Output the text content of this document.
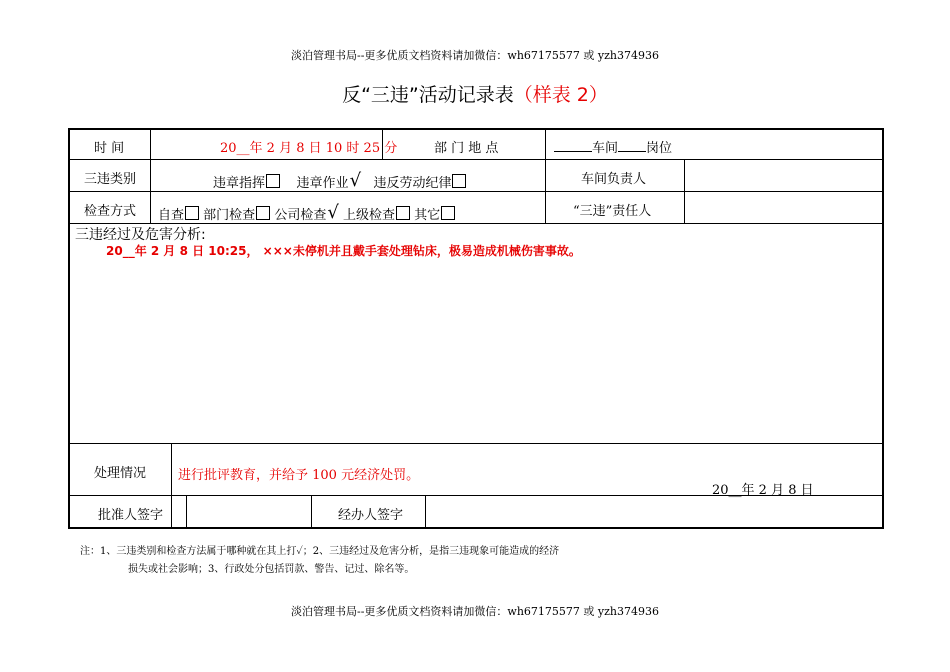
淡泊管理书局--更多优质文档资料请加微信：wh67175577 或 yzh374936
反“三违”活动记录表（样表 2）
时 间	20__年 2 月 8 日 10 时 25 分	部 门 地 点	车间 岗位
三违类别	违章指挥 违章作业√ 违反劳动纪律	车间负责人
检查方式 自查 部门检查 公司检查√ 上级检查 其它	“三违”责任人
三违经过及危害分析:
20__年 2 月 8 日 10:25， ×××未停机并且戴手套处理钻床，极易造成机械伤害事故。
处理情况 进行批评教育，并给予 100 元经济处罚。
20__年 2 月 8 日
批准人签字	经办人签字
注：1、三违类别和检查方法属于哪种就在其上打✓；2、三违经过及危害分析，是指三违现象可能造成的经济
损失或社会影响；3、行政处分包括罚款、警告、记过、除名等。
淡泊管理书局--更多优质文档资料请加微信：wh67175577 或 yzh374936
